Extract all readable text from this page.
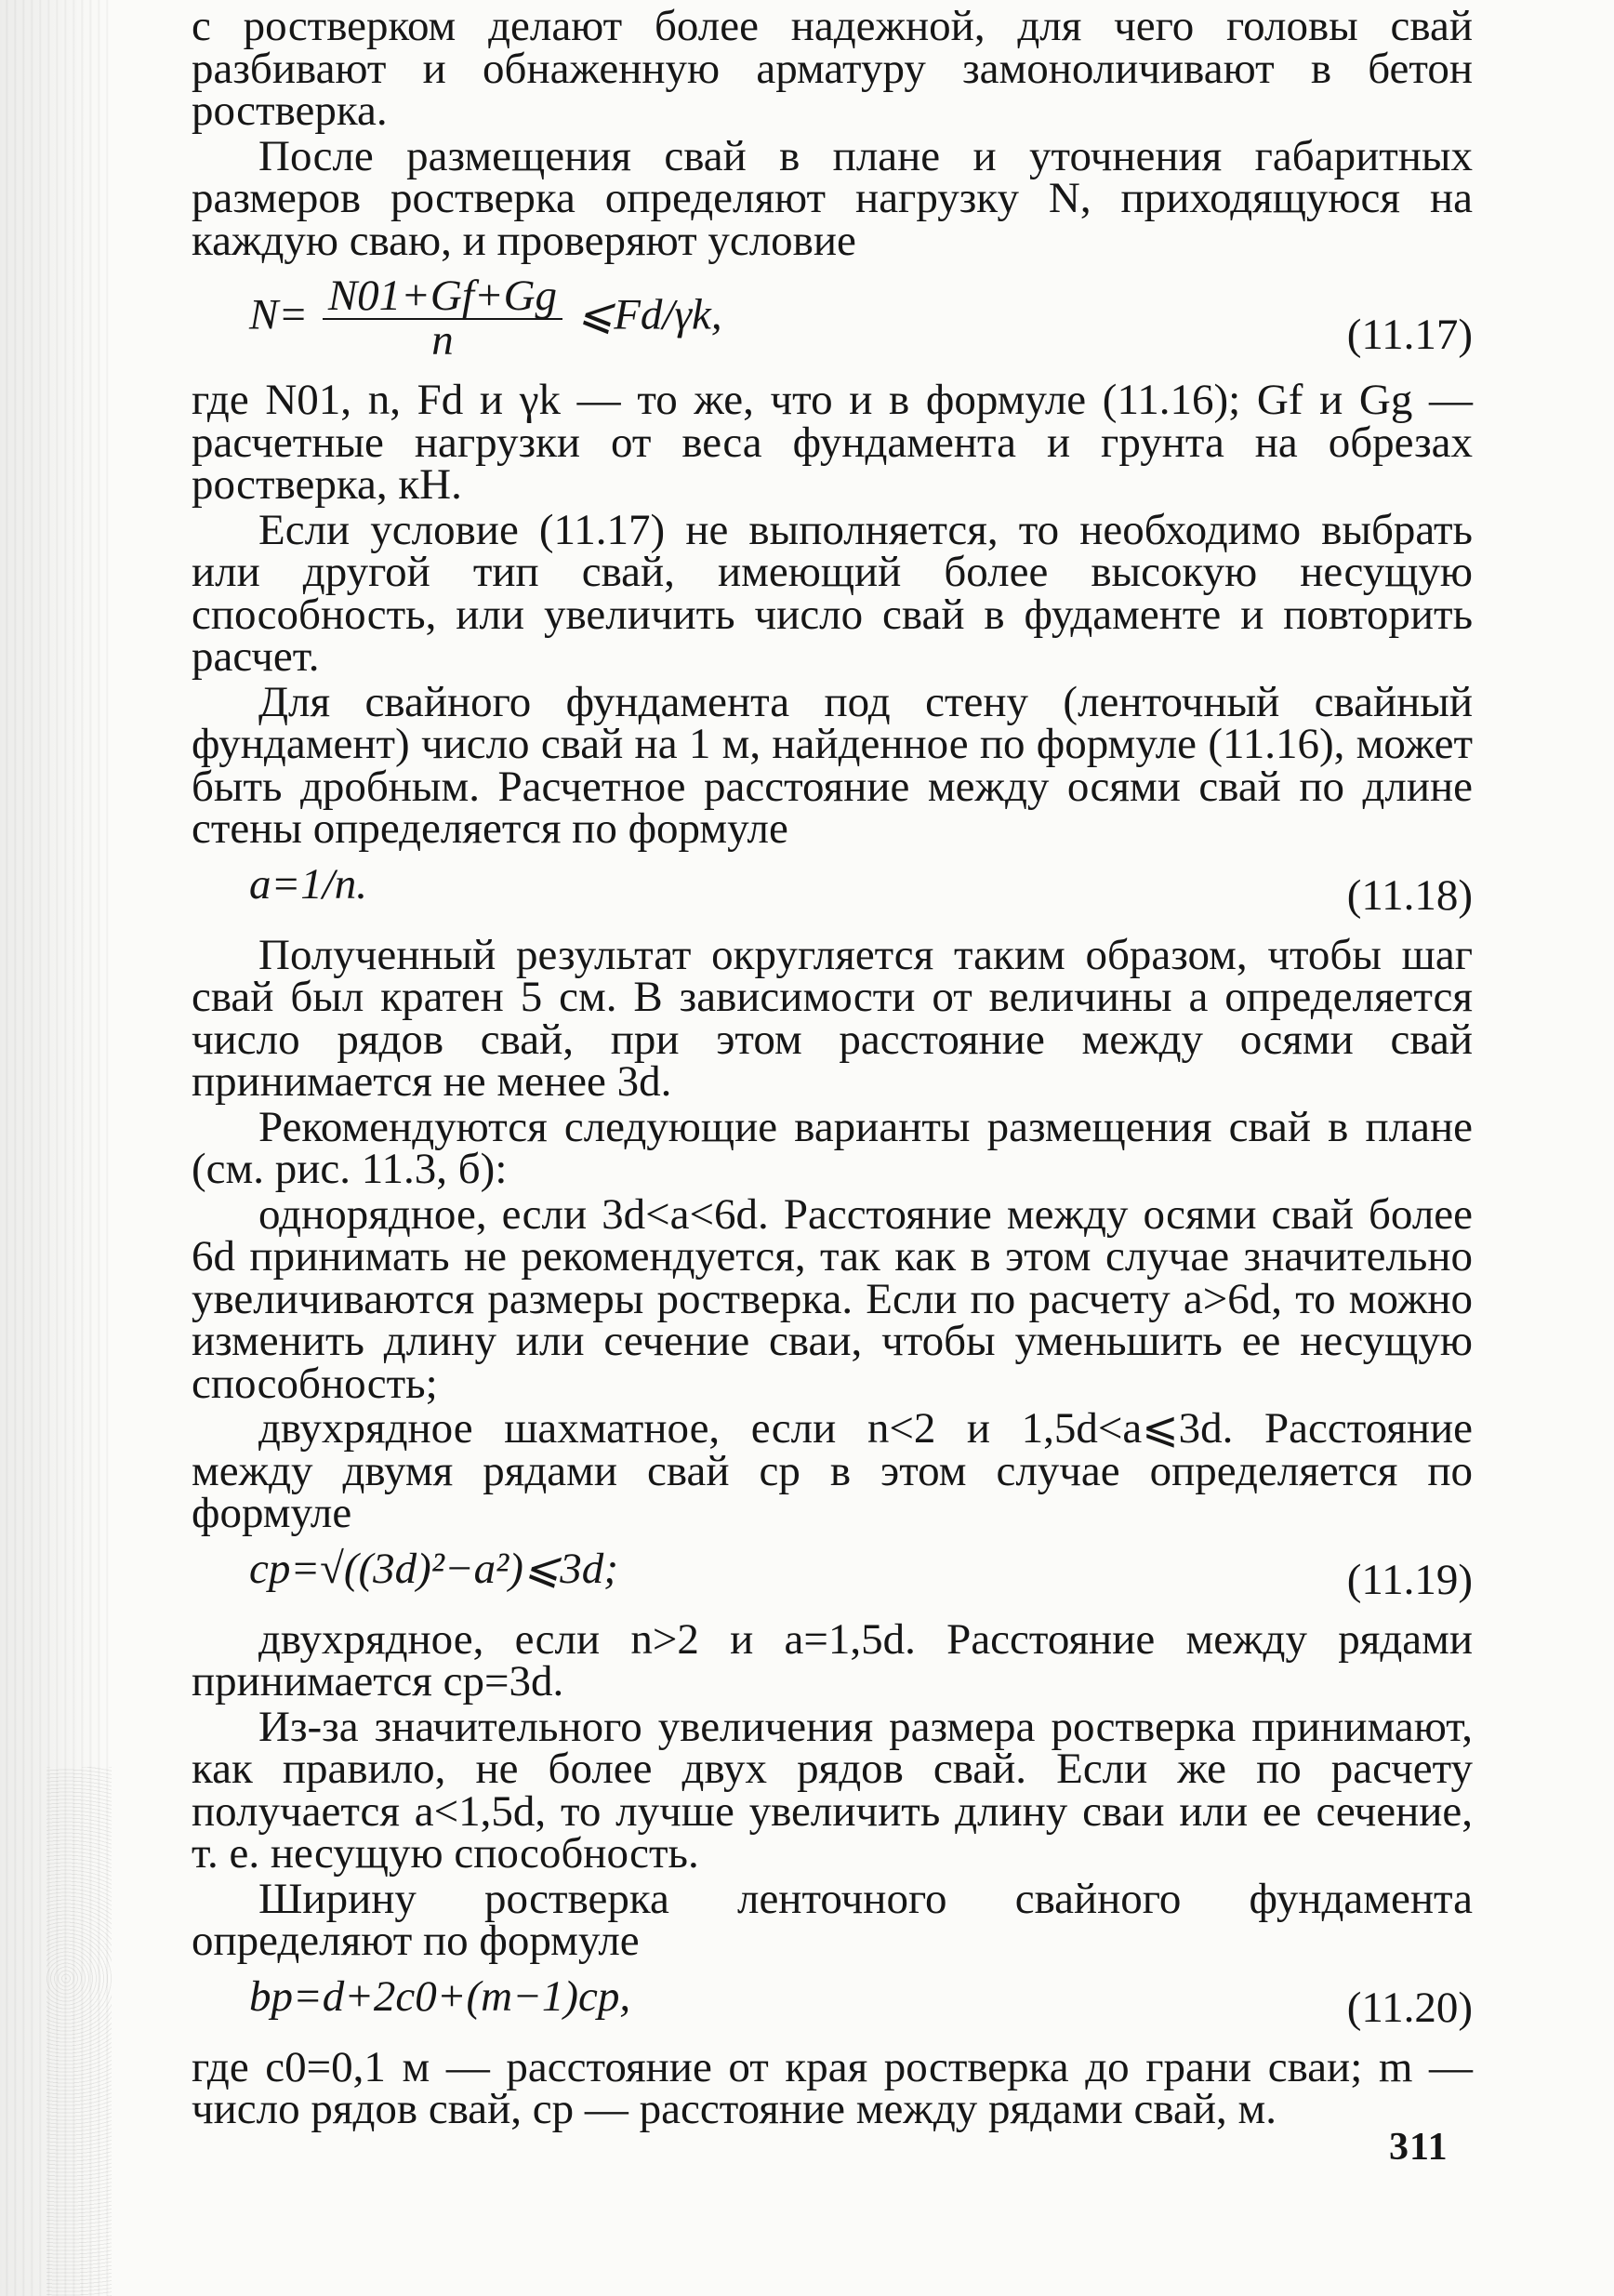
с ростверком делают более надежной, для чего головы свай разбивают и обнаженную арматуру замоноличивают в бетон ростверка.

После размещения свай в плане и уточнения габаритных размеров ростверка определяют нагрузку N, приходящуюся на каждую сваю, и проверяют условие

$N= \frac{N01+Gf+Gg}{n}$ ⩽Fd/γk,	(11.17)

где N01, n, Fd и γk — то же, что и в формуле (11.16); Gf и Gg — расчетные нагрузки от веса фундамента и грунта на обрезах ростверка, кН.

Если условие (11.17) не выполняется, то необходимо выбрать или другой тип свай, имеющий более высокую несущую способность, или увеличить число свай в фудаменте и повторить расчет.

Для свайного фундамента под стену (ленточный свайный фундамент) число свай на 1 м, найденное по формуле (11.16), может быть дробным. Расчетное расстояние между осями свай по длине стены определяется по формуле

a=1/n.	(11.18)

Полученный результат округляется таким образом, чтобы шаг свай был кратен 5 см. В зависимости от величины a определяется число рядов свай, при этом расстояние между осями свай принимается не менее 3d.

Рекомендуются следующие варианты размещения свай в плане (см. рис. 11.3, б):

однорядное, если 3d<a<6d. Расстояние между осями свай более 6d принимать не рекомендуется, так как в этом случае значительно увеличиваются размеры ростверка. Если по расчету a>6d, то можно изменить длину или сечение сваи, чтобы уменьшить ее несущую способность;

двухрядное шахматное, если n<2 и 1,5d<a⩽3d. Расстояние между двумя рядами свай cp в этом случае определяется по формуле

cp=√((3d)²−a²)⩽3d;	(11.19)

двухрядное, если n>2 и a=1,5d. Расстояние между рядами принимается cp=3d.

Из-за значительного увеличения размера ростверка принимают, как правило, не более двух рядов свай. Если же по расчету получается a<1,5d, то лучше увеличить длину сваи или ее сечение, т. е. несущую способность.

Ширину ростверка ленточного свайного фундамента определяют по формуле

bp=d+2c0+(m−1)cp,	(11.20)

где c0=0,1 м — расстояние от края ростверка до грани сваи; m — число рядов свай, cp — расстояние между рядами свай, м.

311
